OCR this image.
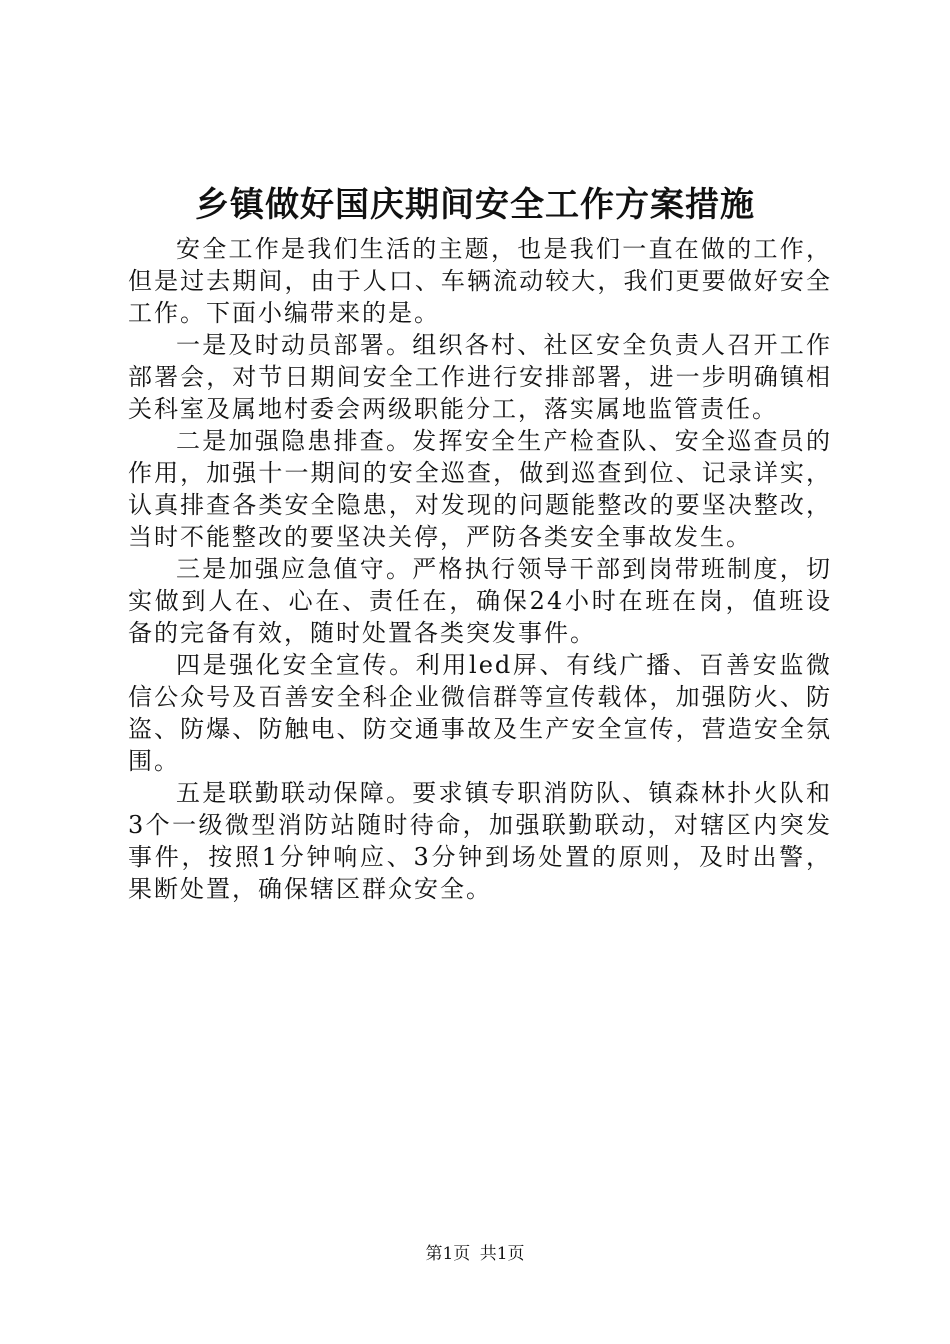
乡镇做好国庆期间安全工作方案措施

安全工作是我们生活的主题，也是我们一直在做的工作，但是过去期间，由于人口、车辆流动较大，我们更要做好安全工作。下面小编带来的是。

一是及时动员部署。组织各村、社区安全负责人召开工作部署会，对节日期间安全工作进行安排部署，进一步明确镇相关科室及属地村委会两级职能分工，落实属地监管责任。

二是加强隐患排查。发挥安全生产检查队、安全巡查员的作用，加强十一期间的安全巡查，做到巡查到位、记录详实，认真排查各类安全隐患，对发现的问题能整改的要坚决整改，当时不能整改的要坚决关停，严防各类安全事故发生。

三是加强应急值守。严格执行领导干部到岗带班制度，切实做到人在、心在、责任在，确保24小时在班在岗，值班设备的完备有效，随时处置各类突发事件。

四是强化安全宣传。利用led屏、有线广播、百善安监微信公众号及百善安全科企业微信群等宣传载体，加强防火、防盗、防爆、防触电、防交通事故及生产安全宣传，营造安全氛围。

五是联勤联动保障。要求镇专职消防队、镇森林扑火队和3个一级微型消防站随时待命，加强联勤联动，对辖区内突发事件，按照1分钟响应、3分钟到场处置的原则，及时出警，果断处置，确保辖区群众安全。

第1页 共1页
